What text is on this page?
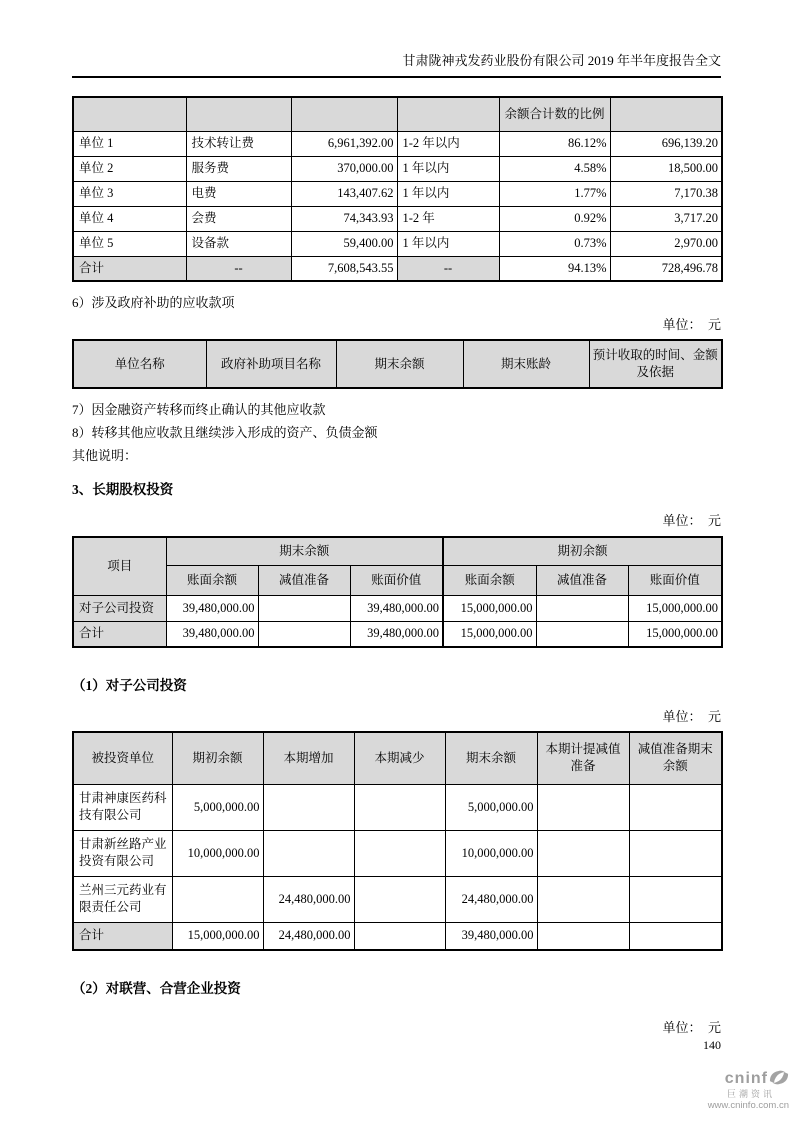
甘肃陇神戎发药业股份有限公司 2019 年半年度报告全文
				余额合计数的比例	
单位 1	技术转让费	6,961,392.00	1-2 年以内	86.12%	696,139.20
单位 2	服务费	370,000.00	1 年以内	4.58%	18,500.00
单位 3	电费	143,407.62	1 年以内	1.77%	7,170.38
单位 4	会费	74,343.93	1-2 年	0.92%	3,717.20
单位 5	设备款	59,400.00	1 年以内	0.73%	2,970.00
合计	--	7,608,543.55	--	94.13%	728,496.78
6）涉及政府补助的应收款项
单位：　元
单位名称	政府补助项目名称	期末余额	期末账龄	预计收取的时间、金额及依据
7）因金融资产转移而终止确认的其他应收款
8）转移其他应收款且继续涉入形成的资产、负债金额
其他说明：
3、长期股权投资
单位：　元
项目	期末余额			期初余额		
	账面余额	减值准备	账面价值	账面余额	减值准备	账面价值
对子公司投资	39,480,000.00		39,480,000.00	15,000,000.00		15,000,000.00
合计	39,480,000.00		39,480,000.00	15,000,000.00		15,000,000.00
（1）对子公司投资
单位：　元
被投资单位	期初余额	本期增加	本期减少	期末余额	本期计提减值准备	减值准备期末余额
甘肃神康医药科技有限公司	5,000,000.00			5,000,000.00		
甘肃新丝路产业投资有限公司	10,000,000.00			10,000,000.00		
兰州三元药业有限责任公司		24,480,000.00		24,480,000.00		
合计	15,000,000.00	24,480,000.00		39,480,000.00		
（2）对联营、合营企业投资
单位：　元
140
cninf
巨潮资讯
www.cninfo.com.cn
